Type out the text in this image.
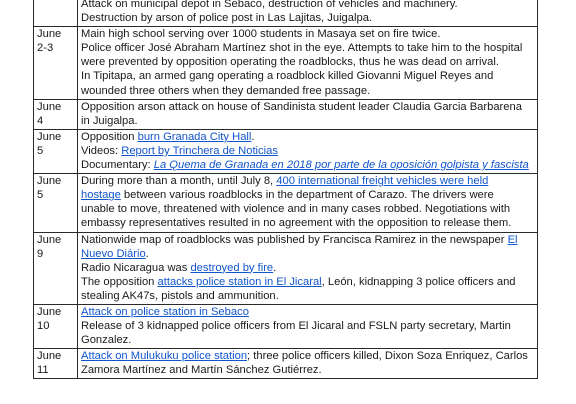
	Attack on municipal depot in Sebaco, destruction of vehicles and machinery.
Destruction by arson of police post in Las Lajitas, Juigalpa.

June
2-3	Main high school serving over 1000 students in Masaya set on fire twice.
Police officer José Abraham Martínez shot in the eye. Attempts to take him to the hospital
were prevented by opposition operating the roadblocks, thus he was dead on arrival.
In Tipitapa, an armed gang operating a roadblock killed Giovanni Miguel Reyes and
wounded three others when they demanded free passage.

June
4	Opposition arson attack on house of Sandinista student leader Claudia Garcia Barbarena
in Juigalpa.

June
5	Opposition burn Granada City Hall.
Videos: Report by Trinchera de Noticias
Documentary: La Quema de Granada en 2018 por parte de la oposición golpista y fascista

June
5	During more than a month, until July 8, 400 international freight vehicles were held
hostage between various roadblocks in the department of Carazo. The drivers were
unable to move, threatened with violence and in many cases robbed. Negotiations with
embassy representatives resulted in no agreement with the opposition to release them.

June
9	Nationwide map of roadblocks was published by Francisca Ramirez in the newspaper El
Nuevo Diário.
Radio Nicaragua was destroyed by fire.
The opposition attacks police station in El Jicaral, León, kidnapping 3 police officers and
stealing AK47s, pistols and ammunition.

June
10	Attack on police station in Sebaco
Release of 3 kidnapped police officers from El Jicaral and FSLN party secretary, Martin
Gonzalez.

June
11	Attack on Mulukuku police station; three police officers killed, Dixon Soza Enriquez, Carlos
Zamora Martínez and Martín Sánchez Gutiérrez.
